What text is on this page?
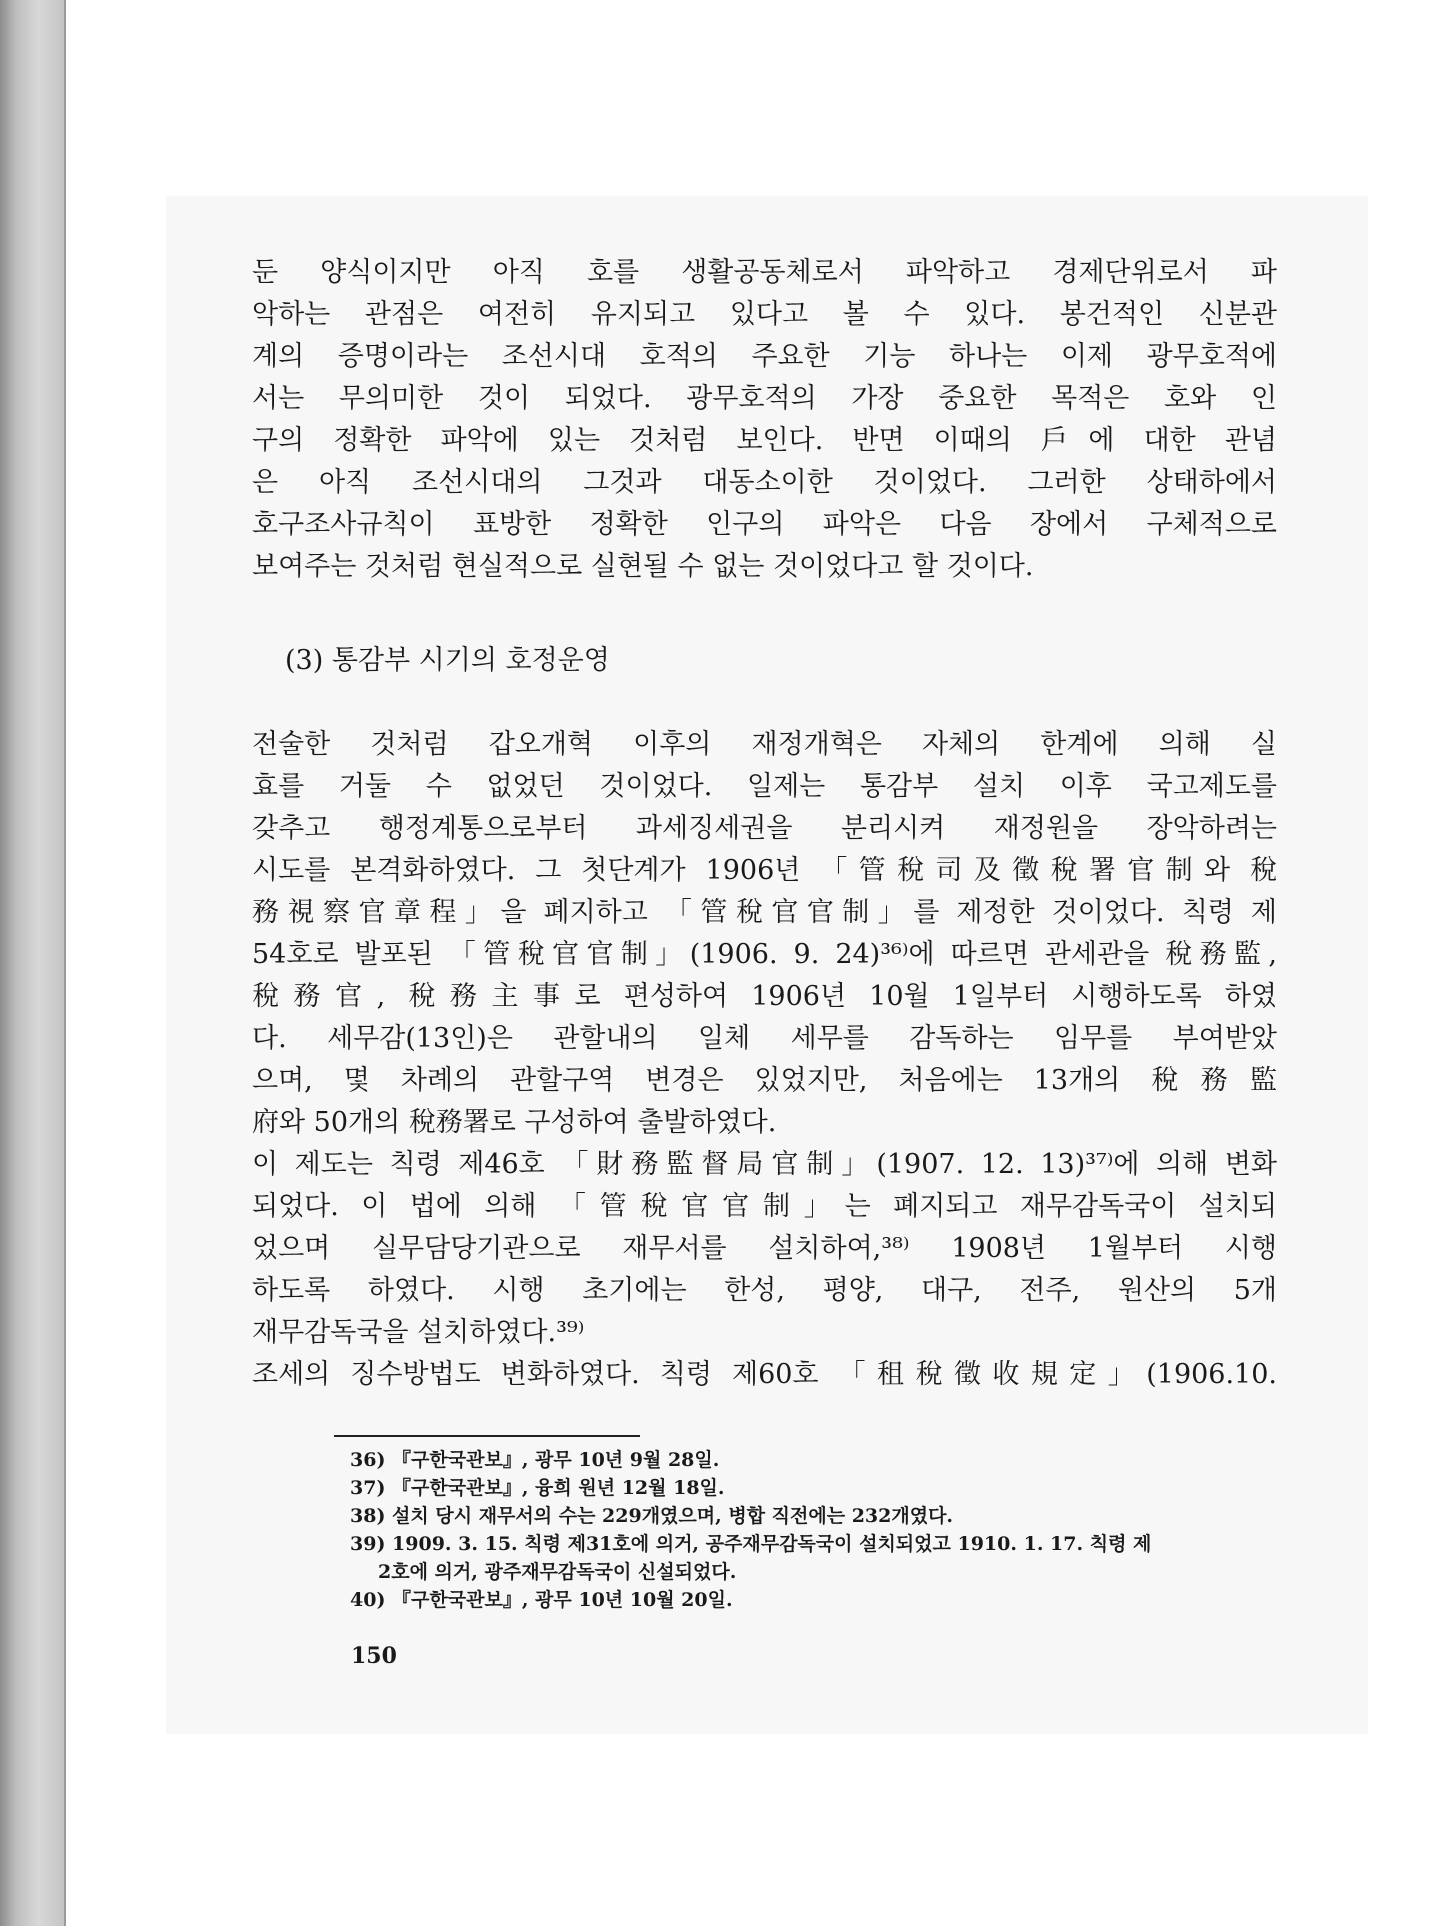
둔 양식이지만 아직 호를 생활공동체로서 파악하고 경제단위로서 파
악하는 관점은 여전히 유지되고 있다고 볼 수 있다. 봉건적인 신분관
계의 증명이라는 조선시대 호적의 주요한 기능 하나는 이제 광무호적에
서는 무의미한 것이 되었다. 광무호적의 가장 중요한 목적은 호와 인
구의 정확한 파악에 있는 것처럼 보인다. 반면 이때의 戶에 대한 관념
은 아직 조선시대의 그것과 대동소이한 것이었다. 그러한 상태하에서
호구조사규칙이 표방한 정확한 인구의 파악은 다음 장에서 구체적으로
보여주는 것처럼 현실적으로 실현될 수 없는 것이었다고 할 것이다.
(3) 통감부 시기의 호정운영
전술한 것처럼 갑오개혁 이후의 재정개혁은 자체의 한계에 의해 실
효를 거둘 수 없었던 것이었다. 일제는 통감부 설치 이후 국고제도를
갖추고 행정계통으로부터 과세징세권을 분리시켜 재정원을 장악하려는
시도를 본격화하였다. 그 첫단계가 1906년 「管稅司及徵稅署官制와 稅
務視察官章程」을 폐지하고 「管稅官官制」를 제정한 것이었다. 칙령 제
54호로 발포된 「管稅官官制」(1906. 9. 24)³⁶⁾에 따르면 관세관을 稅務監,
稅務官, 稅務主事로 편성하여 1906년 10월 1일부터 시행하도록 하였
다. 세무감(13인)은 관할내의 일체 세무를 감독하는 임무를 부여받았
으며, 몇 차례의 관할구역 변경은 있었지만, 처음에는 13개의 稅務監
府와 50개의 稅務署로 구성하여 출발하였다.
이 제도는 칙령 제46호 「財務監督局官制」(1907. 12. 13)³⁷⁾에 의해 변화
되었다. 이 법에 의해 「管稅官官制」는 폐지되고 재무감독국이 설치되
었으며 실무담당기관으로 재무서를 설치하여,³⁸⁾ 1908년 1월부터 시행
하도록 하였다. 시행 초기에는 한성, 평양, 대구, 전주, 원산의 5개
재무감독국을 설치하였다.³⁹⁾
조세의 징수방법도 변화하였다. 칙령 제60호 「租稅徵收規定」(1906.10.
36) 『구한국관보』, 광무 10년 9월 28일.
37) 『구한국관보』, 융희 원년 12월 18일.
38) 설치 당시 재무서의 수는 229개였으며, 병합 직전에는 232개였다.
39) 1909. 3. 15. 칙령 제31호에 의거, 공주재무감독국이 설치되었고 1910. 1. 17. 칙령 제
2호에 의거, 광주재무감독국이 신설되었다.
40) 『구한국관보』, 광무 10년 10월 20일.
150
